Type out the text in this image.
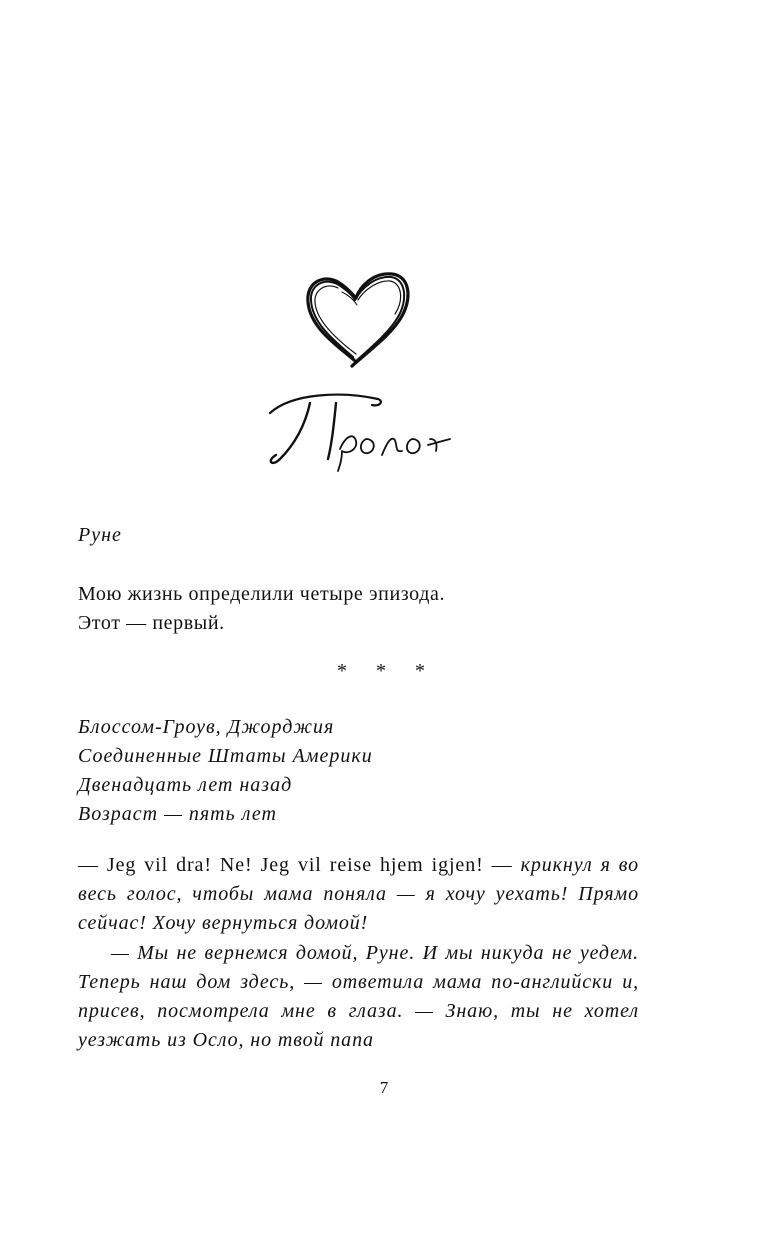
Руне

Мою жизнь определили четыре эпизода.

Этот — первый.

* * *

Блоссом-Гроув, Джорджия

Соединенные Штаты Америки

Двенадцать лет назад

Возраст — пять лет

— Jeg vil dra! Ne! Jeg vil reise hjem igjen! — крикнул я во весь голос, чтобы мама поняла — я хочу уехать! Прямо сейчас! Хочу вернуться домой!

— Мы не вернемся домой, Руне. И мы никуда не уедем. Теперь наш дом здесь, — ответила мама по-английски и, присев, посмотрела мне в глаза. — Знаю, ты не хотел уезжать из Осло, но твой папа

7
